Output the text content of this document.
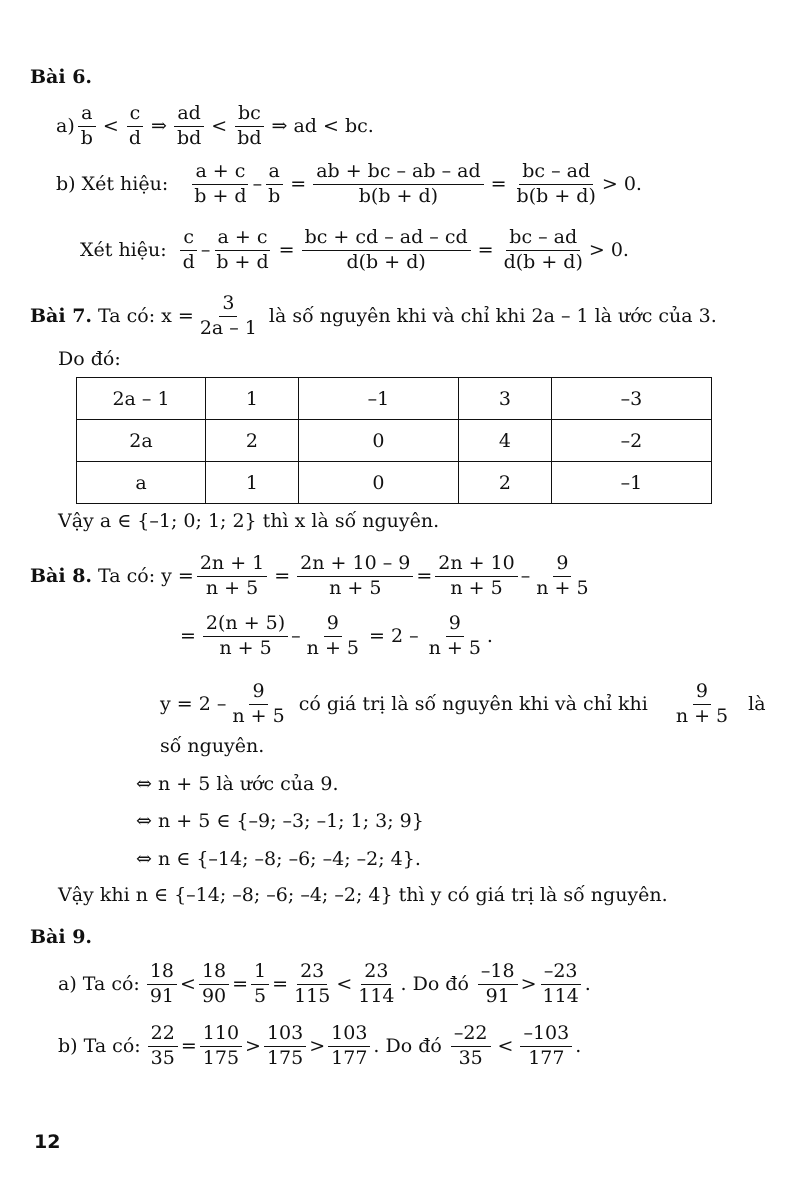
Bài 6.
$a) \frac{a}{b} < \frac{c}{d}$ ⇒ $\frac{ad}{bd} < \frac{bc}{bd}$ ⇒ ad < bc.
b) Xét hiệu: $\frac{a + c}{b + d} - \frac{a}{b} = \frac{ab + bc - ab - ad}{b(b + d)} = \frac{bc - ad}{b(b + d)} > 0$.
Xét hiệu: $\frac{c}{d} - \frac{a + c}{b + d} = \frac{bc + cd - ad - cd}{d(b + d)} = \frac{bc - ad}{d(b + d)} > 0$.
Bài 7. Ta có: $x = \frac{3}{2a - 1}$ là số nguyên khi và chỉ khi 2a – 1 là ước của 3.
Do đó:
2a – 1	1	–1	3	–3
2a	2	0	4	–2
a	1	0	2	–1
Vậy a ∈ {–1; 0; 1; 2} thì x là số nguyên.
Bài 8. Ta có: $y = \frac{2n + 1}{n + 5} = \frac{2n + 10 - 9}{n + 5} = \frac{2n + 10}{n + 5} - \frac{9}{n + 5}$
= $\frac{2(n + 5)}{n + 5} - \frac{9}{n + 5} = 2 - \frac{9}{n + 5}$ .
$y = 2 - \frac{9}{n + 5}$ có giá trị là số nguyên khi và chỉ khi $\frac{9}{n + 5}$ là
số nguyên.
⇔ n + 5 là ước của 9.
⇔ n + 5 ∈ {–9; –3; –1; 1; 3; 9}
⇔ n ∈ {–14; –8; –6; –4; –2; 4}.
Vậy khi n ∈ {–14; –8; –6; –4; –2; 4} thì y có giá trị là số nguyên.
Bài 9.
a) Ta có: $\frac{18}{91} < \frac{18}{90} = \frac{1}{5} = \frac{23}{115} < \frac{23}{114}$ . Do đó $\frac{-18}{91} > \frac{-23}{114}$ .
b) Ta có: $\frac{22}{35} = \frac{110}{175} > \frac{103}{175} > \frac{103}{177}$ . Do đó $\frac{-22}{35} < \frac{-103}{177}$ .
12
